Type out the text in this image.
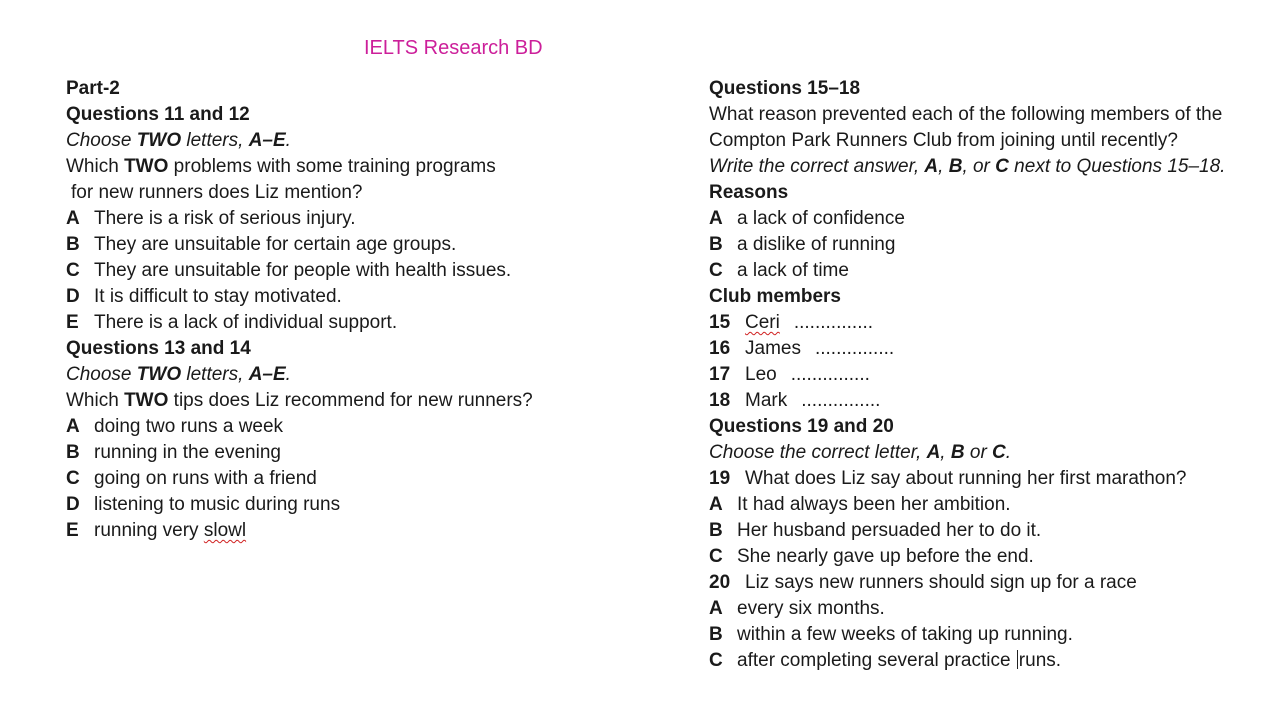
IELTS Research BD
Part-2
Questions 11 and 12
Choose TWO letters, A–E.
Which TWO problems with some training programs
for new runners does Liz mention?
A There is a risk of serious injury.
B They are unsuitable for certain age groups.
C They are unsuitable for people with health issues.
D It is difficult to stay motivated.
E There is a lack of individual support.
Questions 13 and 14
Choose TWO letters, A–E.
Which TWO tips does Liz recommend for new runners?
A doing two runs a week
B running in the evening
C going on runs with a friend
D listening to music during runs
E running very slowl
Questions 15–18
What reason prevented each of the following members of the
Compton Park Runners Club from joining until recently?
Write the correct answer, A, B, or C next to Questions 15–18.
Reasons
A a lack of confidence
B a dislike of running
C a lack of time
Club members
15 Ceri ...............
16 James ...............
17 Leo ...............
18 Mark ...............
Questions 19 and 20
Choose the correct letter, A, B or C.
19 What does Liz say about running her first marathon?
A It had always been her ambition.
B Her husband persuaded her to do it.
C She nearly gave up before the end.
20 Liz says new runners should sign up for a race
A every six months.
B within a few weeks of taking up running.
C after completing several practice runs.
